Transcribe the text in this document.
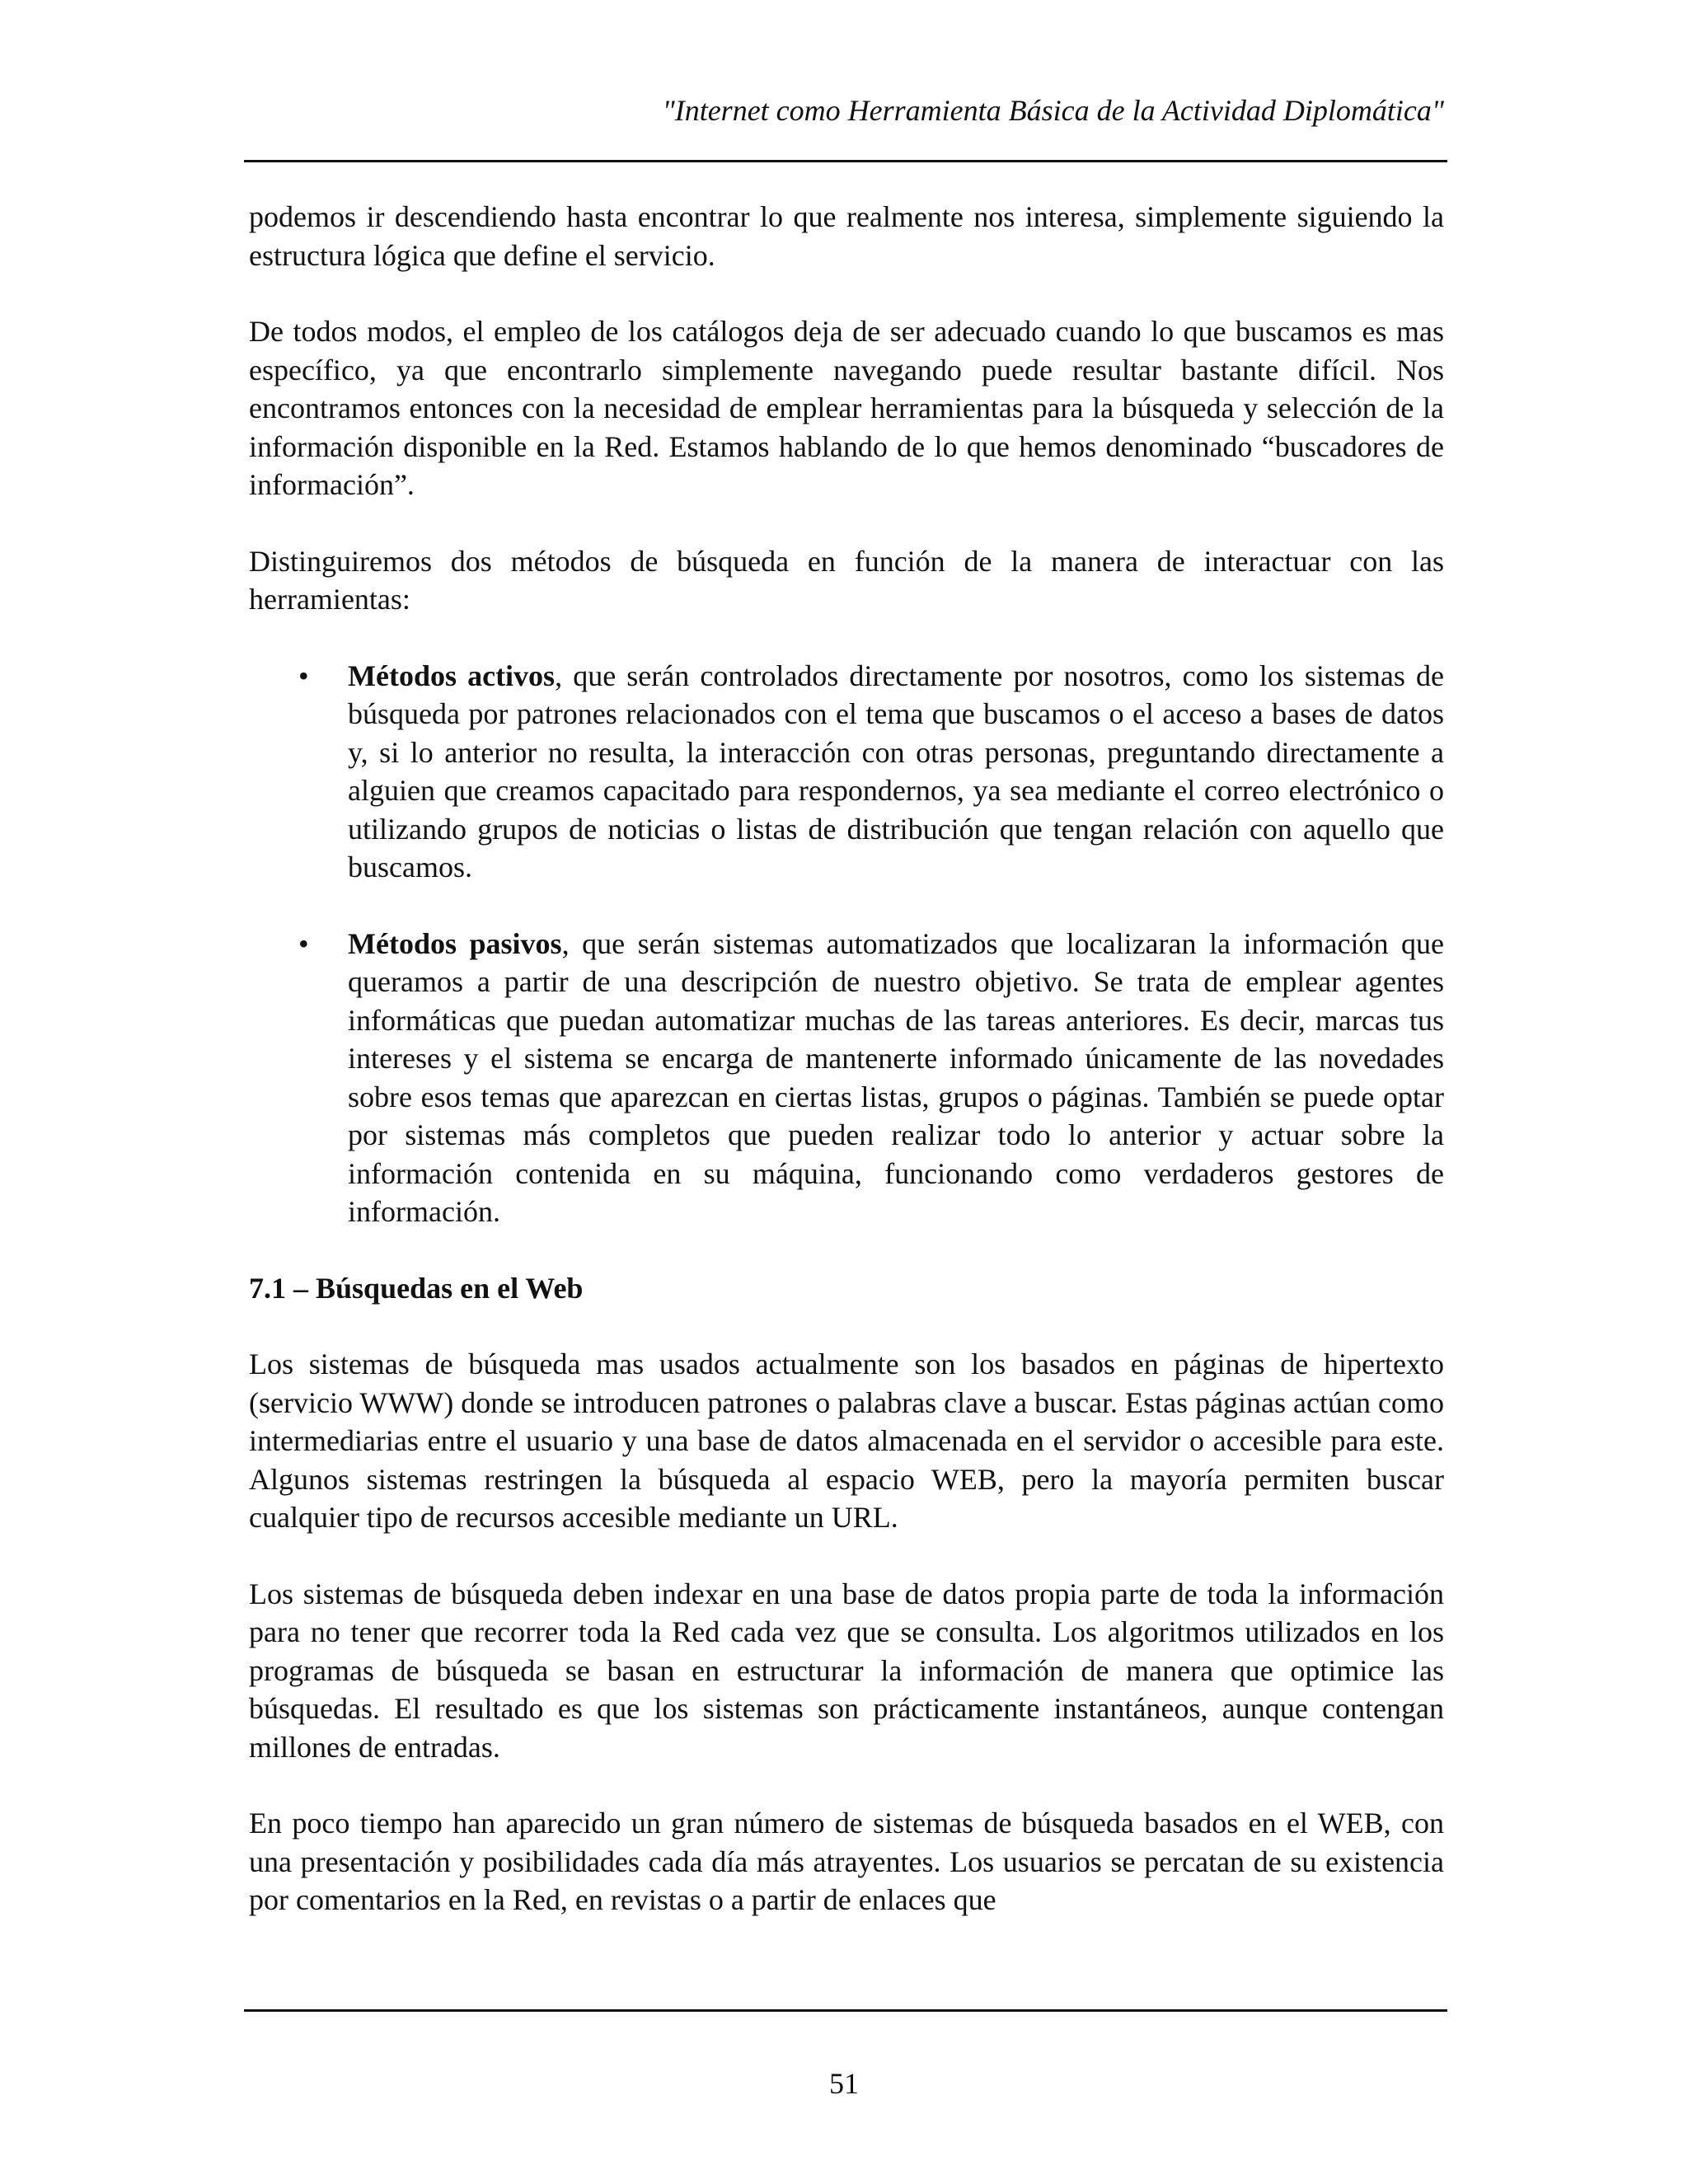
"Internet como Herramienta Básica de la Actividad Diplomática"

podemos ir descendiendo hasta encontrar lo que realmente nos interesa, simplemente siguiendo la estructura lógica que define el servicio.

De todos modos, el empleo de los catálogos deja de ser adecuado cuando lo que buscamos es mas específico, ya que encontrarlo simplemente navegando puede resultar bastante difícil. Nos encontramos entonces con la necesidad de emplear herramientas para la búsqueda y selección de la información disponible en la Red. Estamos hablando de lo que hemos denominado “buscadores de información”.

Distinguiremos dos métodos de búsqueda en función de la manera de interactuar con las herramientas:

• Métodos activos, que serán controlados directamente por nosotros, como los sistemas de búsqueda por patrones relacionados con el tema que buscamos o el acceso a bases de datos y, si lo anterior no resulta, la interacción con otras personas, preguntando directamente a alguien que creamos capacitado para respondernos, ya sea mediante el correo electrónico o utilizando grupos de noticias o listas de distribución que tengan relación con aquello que buscamos.
• Métodos pasivos, que serán sistemas automatizados que localizaran la información que queramos a partir de una descripción de nuestro objetivo. Se trata de emplear agentes informáticas que puedan automatizar muchas de las tareas anteriores. Es decir, marcas tus intereses y el sistema se encarga de mantenerte informado únicamente de las novedades sobre esos temas que aparezcan en ciertas listas, grupos o páginas. También se puede optar por sistemas más completos que pueden realizar todo lo anterior y actuar sobre la información contenida en su máquina, funcionando como verdaderos gestores de información.
7.1 – Búsquedas en el Web

Los sistemas de búsqueda mas usados actualmente son los basados en páginas de hipertexto (servicio WWW) donde se introducen patrones o palabras clave a buscar. Estas páginas actúan como intermediarias entre el usuario y una base de datos almacenada en el servidor o accesible para este. Algunos sistemas restringen la búsqueda al espacio WEB, pero la mayoría permiten buscar cualquier tipo de recursos accesible mediante un URL.

Los sistemas de búsqueda deben indexar en una base de datos propia parte de toda la información para no tener que recorrer toda la Red cada vez que se consulta. Los algoritmos utilizados en los programas de búsqueda se basan en estructurar la información de manera que optimice las búsquedas. El resultado es que los sistemas son prácticamente instantáneos, aunque contengan millones de entradas.

En poco tiempo han aparecido un gran número de sistemas de búsqueda basados en el WEB, con una presentación y posibilidades cada día más atrayentes. Los usuarios se percatan de su existencia por comentarios en la Red, en revistas o a partir de enlaces que

51
